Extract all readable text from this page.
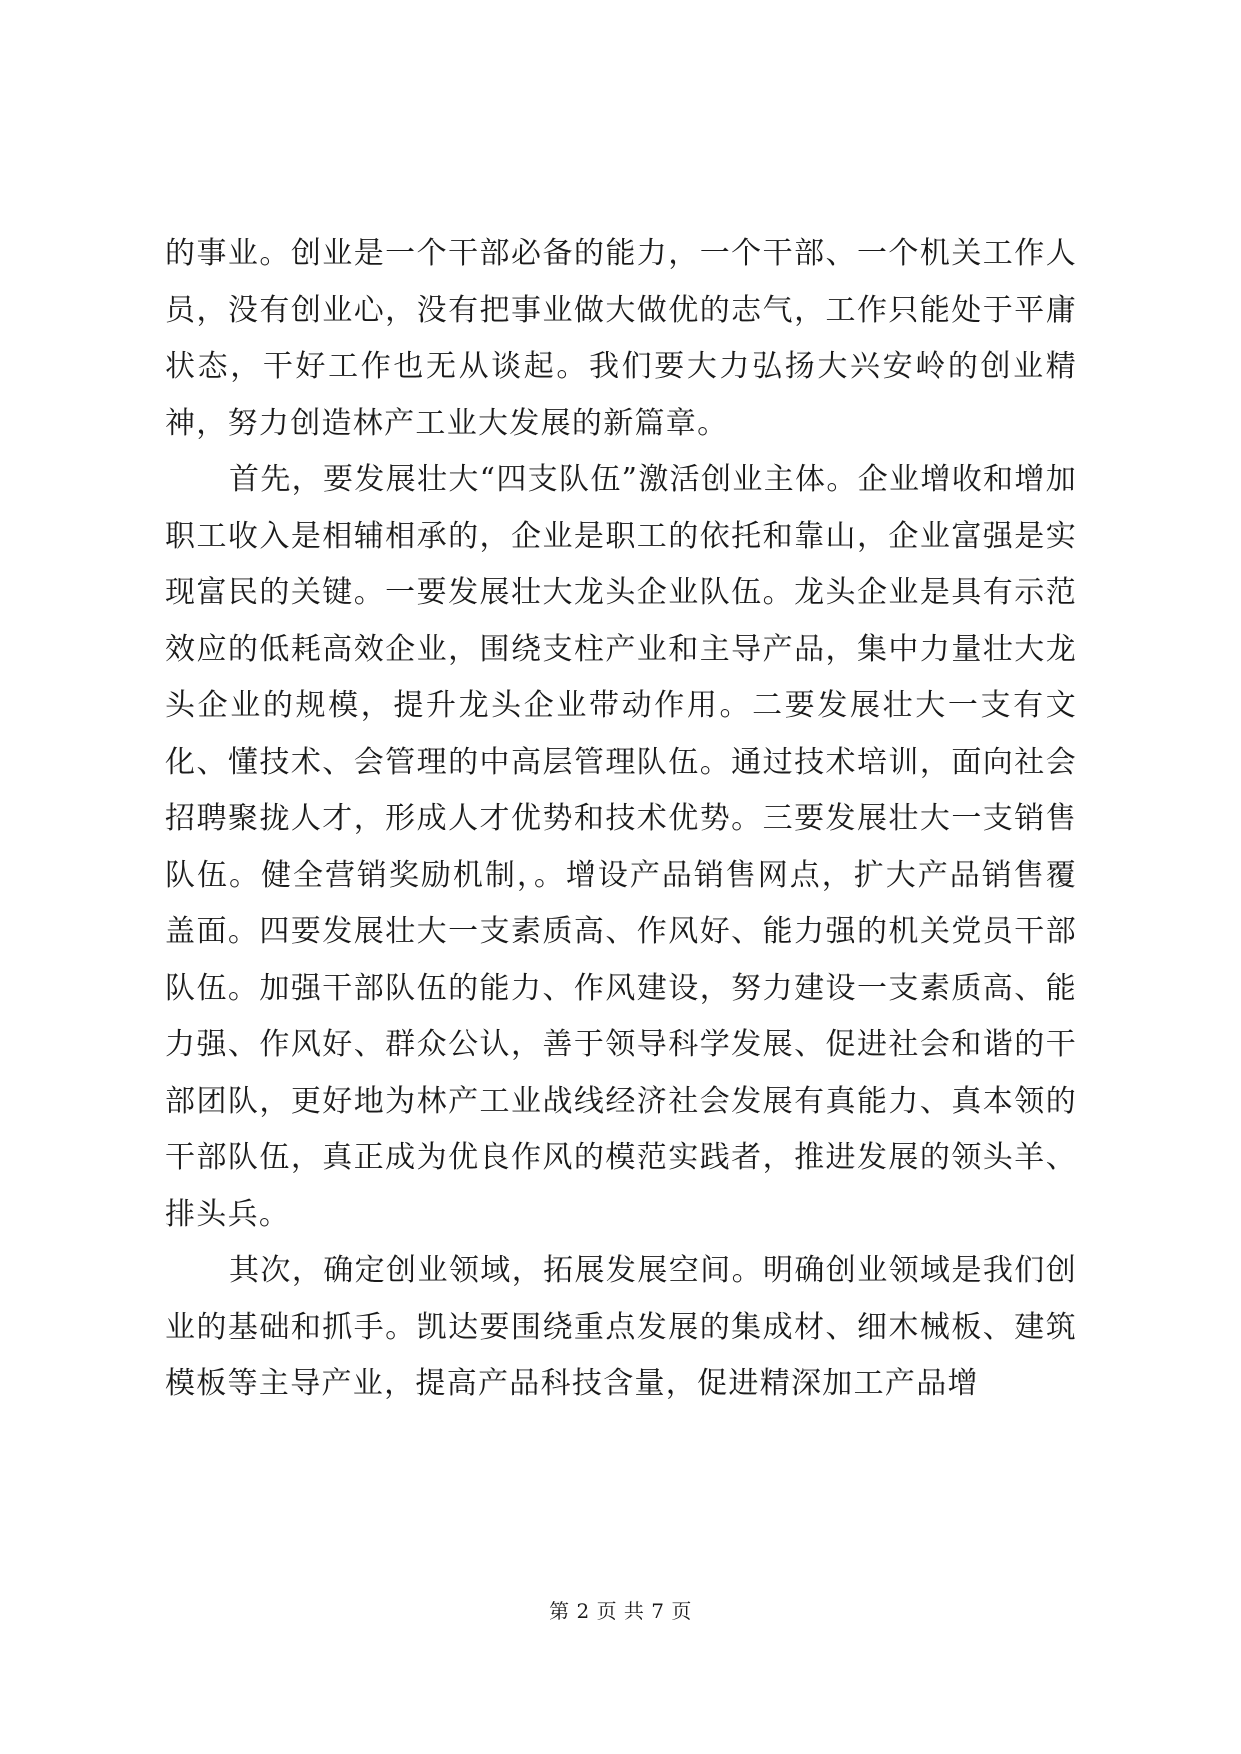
的事业。创业是一个干部必备的能力，一个干部、一个机关工作人员，没有创业心，没有把事业做大做优的志气，工作只能处于平庸状态，干好工作也无从谈起。我们要大力弘扬大兴安岭的创业精神，努力创造林产工业大发展的新篇章。

首先，要发展壮大“四支队伍”激活创业主体。企业增收和增加职工收入是相辅相承的，企业是职工的依托和靠山，企业富强是实现富民的关键。一要发展壮大龙头企业队伍。龙头企业是具有示范效应的低耗高效企业，围绕支柱产业和主导产品，集中力量壮大龙头企业的规模，提升龙头企业带动作用。二要发展壮大一支有文化、懂技术、会管理的中高层管理队伍。通过技术培训，面向社会招聘聚拢人才，形成人才优势和技术优势。三要发展壮大一支销售队伍。健全营销奖励机制，。增设产品销售网点，扩大产品销售覆盖面。四要发展壮大一支素质高、作风好、能力强的机关党员干部队伍。加强干部队伍的能力、作风建设，努力建设一支素质高、能力强、作风好、群众公认，善于领导科学发展、促进社会和谐的干部团队，更好地为林产工业战线经济社会发展有真能力、真本领的干部队伍，真正成为优良作风的模范实践者，推进发展的领头羊、排头兵。

其次，确定创业领域，拓展发展空间。明确创业领域是我们创业的基础和抓手。凯达要围绕重点发展的集成材、细木械板、建筑模板等主导产业，提高产品科技含量，促进精深加工产品增

第 2 页 共 7 页
